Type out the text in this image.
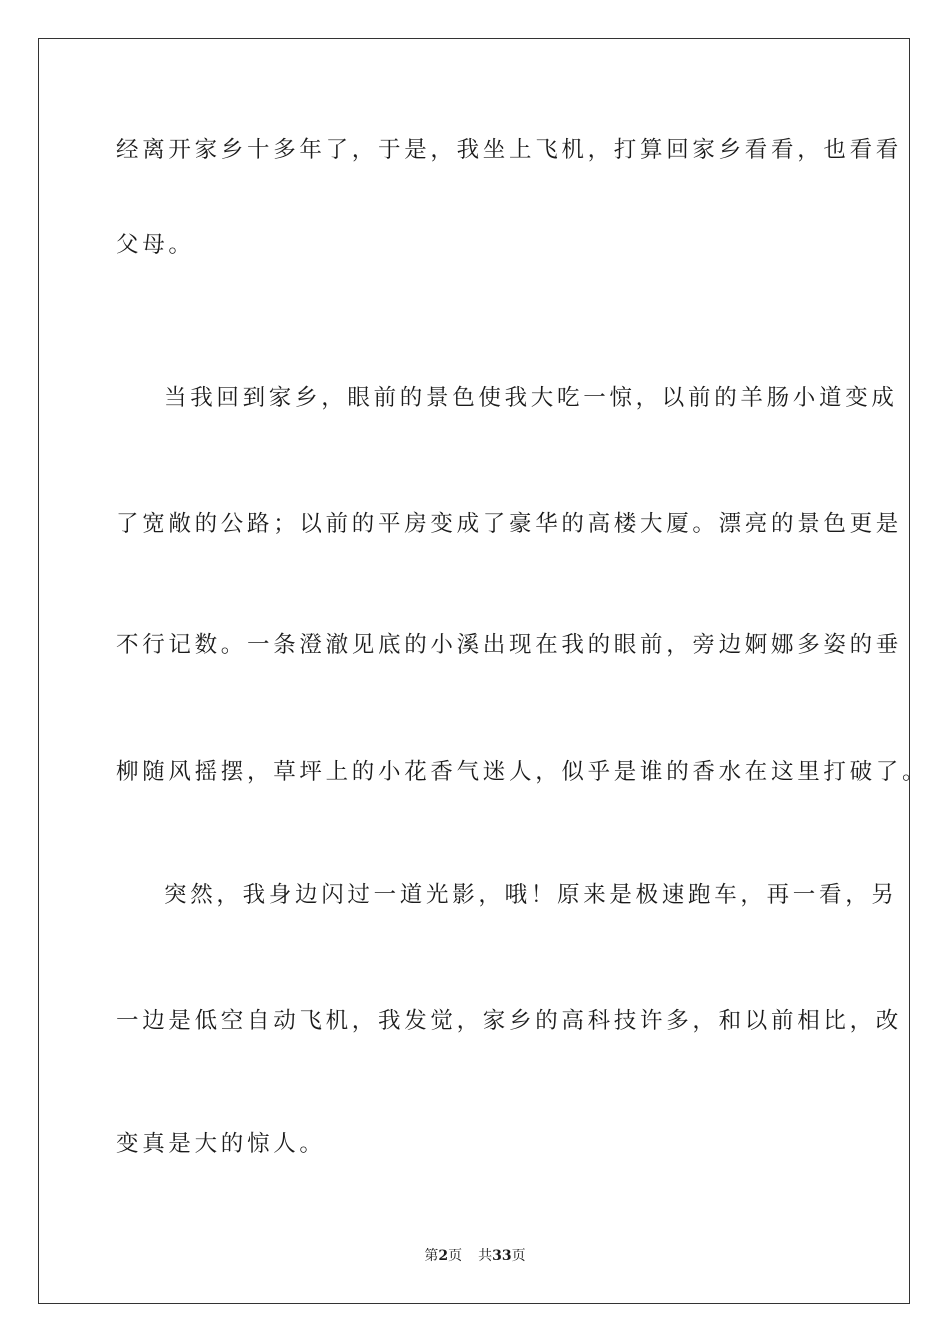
经离开家乡十多年了，于是，我坐上飞机，打算回家乡看看，也看看
父母。
当我回到家乡，眼前的景色使我大吃一惊，以前的羊肠小道变成
了宽敞的公路；以前的平房变成了豪华的高楼大厦。漂亮的景色更是
不行记数。一条澄澈见底的小溪出现在我的眼前，旁边婀娜多姿的垂
柳随风摇摆，草坪上的小花香气迷人，似乎是谁的香水在这里打破了。
突然，我身边闪过一道光影，哦！原来是极速跑车，再一看，另
一边是低空自动飞机，我发觉，家乡的高科技许多，和以前相比，改
变真是大的惊人。
第2页 共33页
